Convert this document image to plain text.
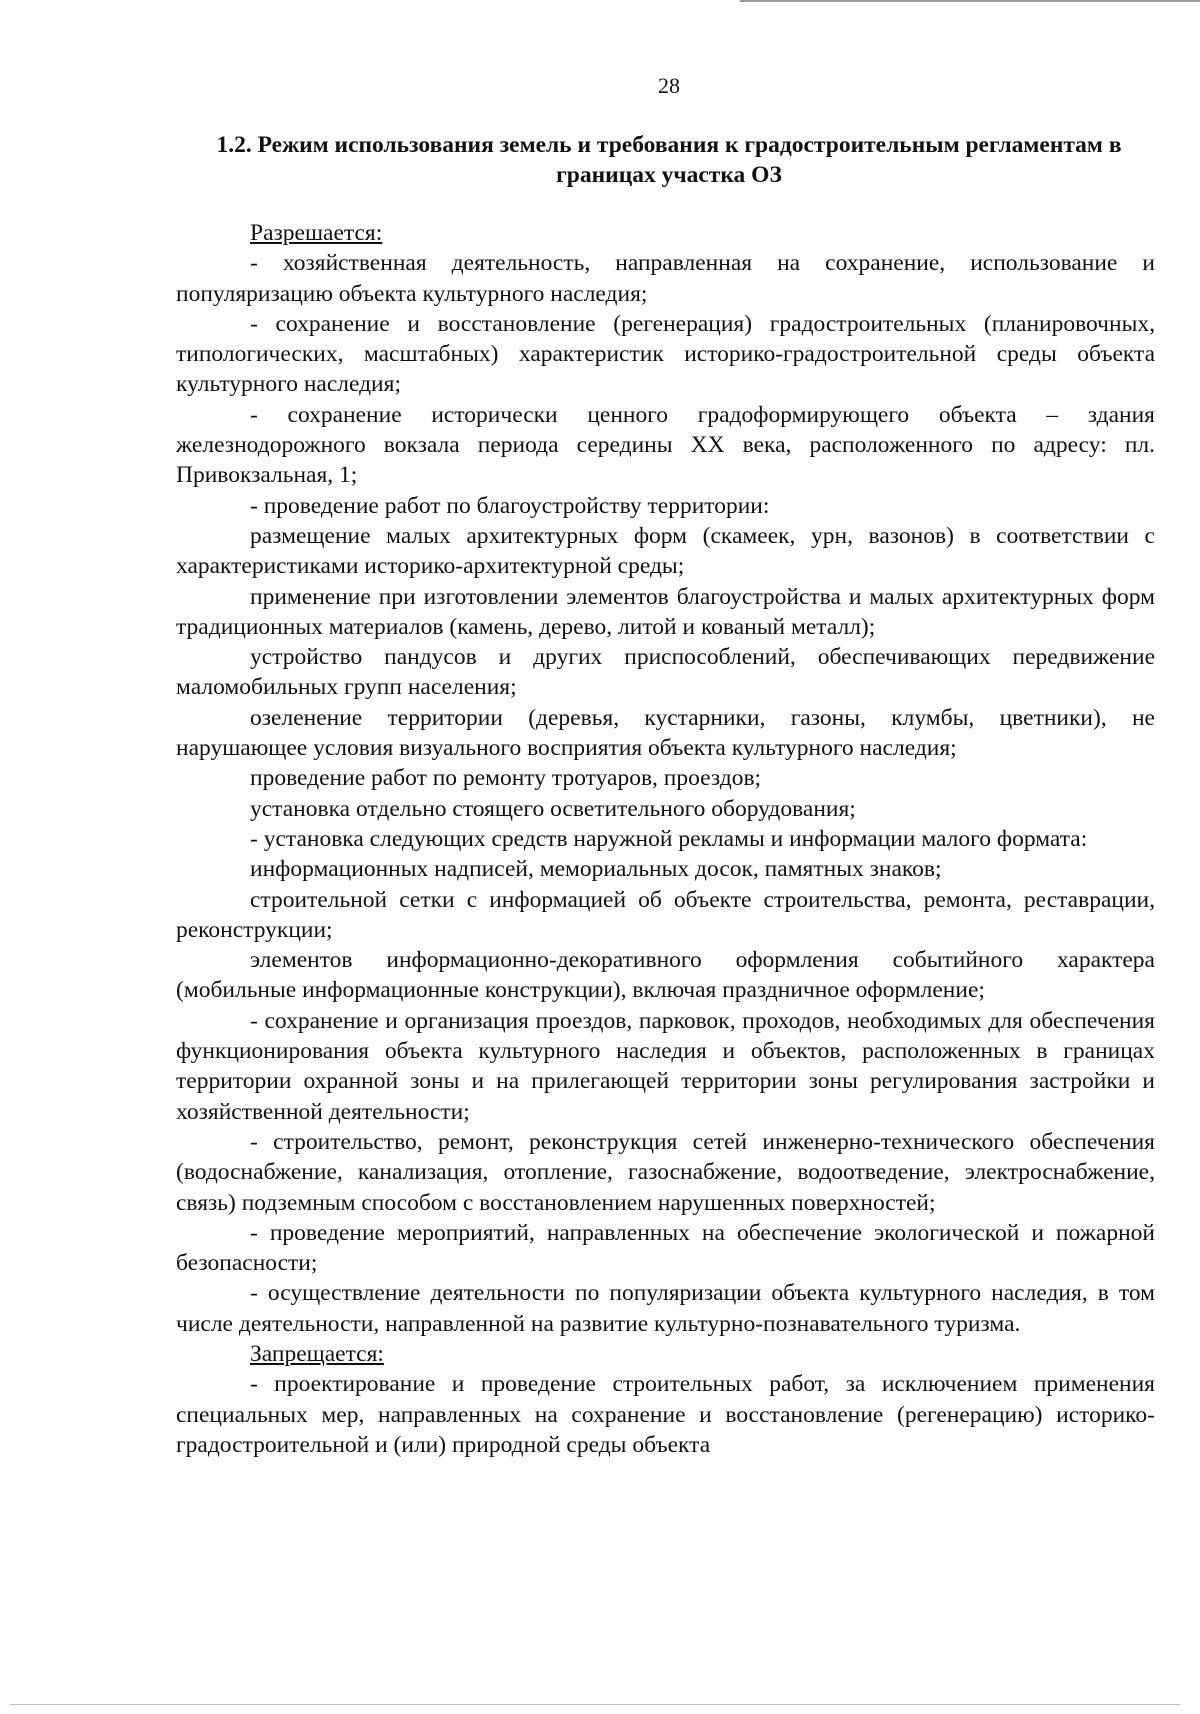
28
1.2. Режим использования земель и требования к градостроительным регламентам в границах участка ОЗ

Разрешается:

- хозяйственная деятельность, направленная на сохранение, использование и популяризацию объекта культурного наследия;

- сохранение и восстановление (регенерация) градостроительных (планировочных, типологических, масштабных) характеристик историко-градостроительной среды объекта культурного наследия;

- сохранение исторически ценного градоформирующего объекта – здания железнодорожного вокзала периода середины XX века, расположенного по адресу: пл. Привокзальная, 1;

- проведение работ по благоустройству территории:

размещение малых архитектурных форм (скамеек, урн, вазонов) в соответствии с характеристиками историко-архитектурной среды;

применение при изготовлении элементов благоустройства и малых архитектурных форм традиционных материалов (камень, дерево, литой и кованый металл);

устройство пандусов и других приспособлений, обеспечивающих передвижение маломобильных групп населения;

озеленение территории (деревья, кустарники, газоны, клумбы, цветники), не нарушающее условия визуального восприятия объекта культурного наследия;

проведение работ по ремонту тротуаров, проездов;

установка отдельно стоящего осветительного оборудования;

- установка следующих средств наружной рекламы и информации малого формата:

информационных надписей, мемориальных досок, памятных знаков;

строительной сетки с информацией об объекте строительства, ремонта, реставрации, реконструкции;

элементов информационно-декоративного оформления событийного характера (мобильные информационные конструкции), включая праздничное оформление;

- сохранение и организация проездов, парковок, проходов, необходимых для обеспечения функционирования объекта культурного наследия и объектов, расположенных в границах территории охранной зоны и на прилегающей территории зоны регулирования застройки и хозяйственной деятельности;

- строительство, ремонт, реконструкция сетей инженерно-технического обеспечения (водоснабжение, канализация, отопление, газоснабжение, водоотведение, электроснабжение, связь) подземным способом с восстановлением нарушенных поверхностей;

- проведение мероприятий, направленных на обеспечение экологической и пожарной безопасности;

- осуществление деятельности по популяризации объекта культурного наследия, в том числе деятельности, направленной на развитие культурно-познавательного туризма.

Запрещается:

- проектирование и проведение строительных работ, за исключением применения специальных мер, направленных на сохранение и восстановление (регенерацию) историко-градостроительной и (или) природной среды объекта
